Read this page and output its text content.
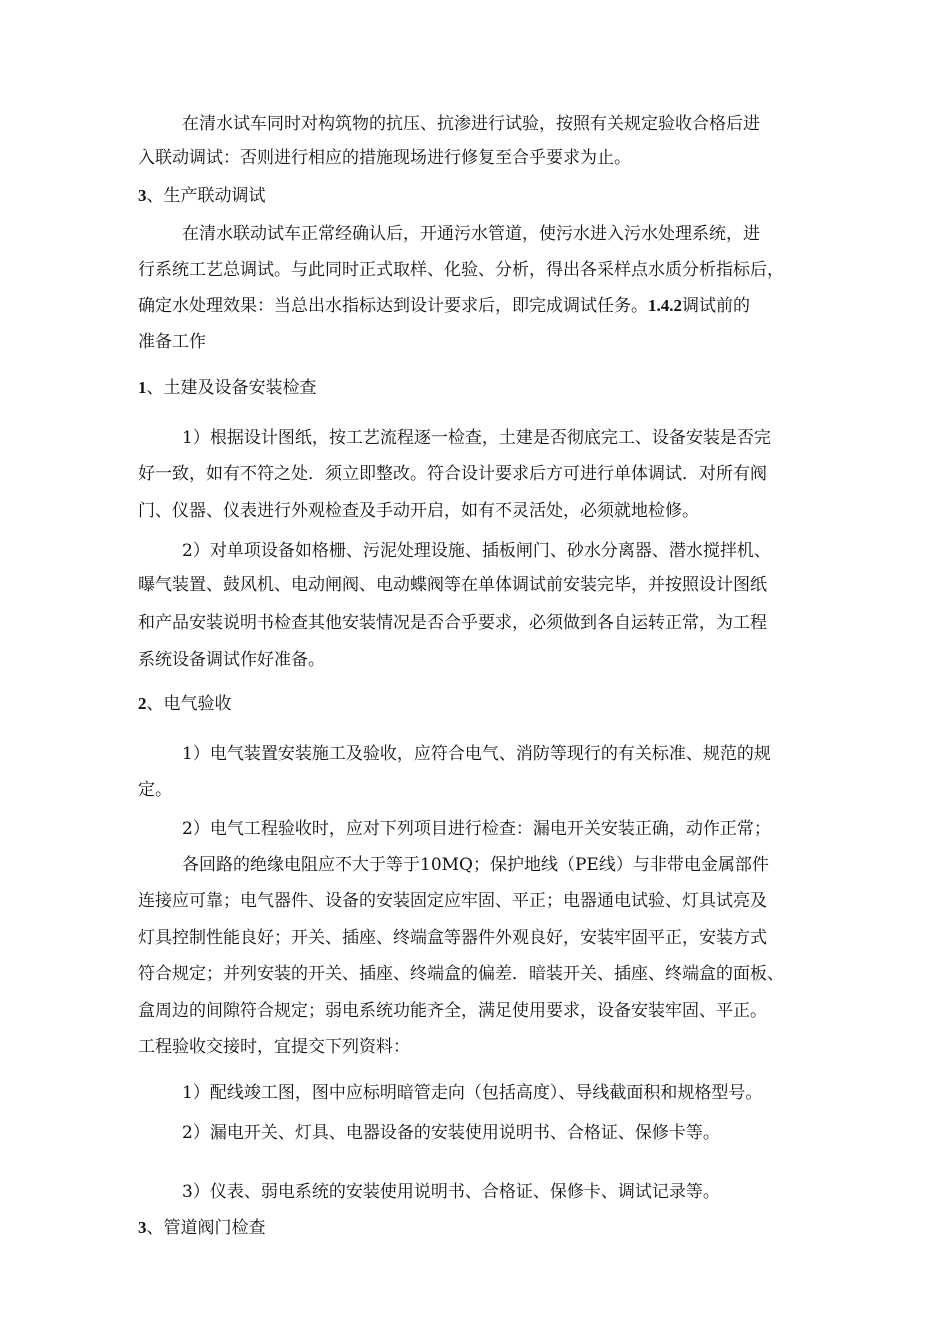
在清水试车同时对构筑物的抗压、抗渗进行试验，按照有关规定验收合格后进

入联动调试：否则进行相应的措施现场进行修复至合乎要求为止。

3、生产联动调试

在清水联动试车正常经确认后，开通污水管道，使污水进入污水处理系统，进

行系统工艺总调试。与此同时正式取样、化验、分析，得出各采样点水质分析指标后，

确定水处理效果：当总出水指标达到设计要求后，即完成调试任务。1.4.2调试前的

准备工作

1、土建及设备安装检查

1）根据设计图纸，按工艺流程逐一检查，土建是否彻底完工、设备安装是否完

好一致，如有不符之处．须立即整改。符合设计要求后方可进行单体调试．对所有阀

门、仪器、仪表进行外观检查及手动开启，如有不灵活处，必须就地检修。

2）对单项设备如格栅、污泥处理设施、插板闸门、砂水分离器、潜水搅拌机、

曝气装置、鼓风机、电动闸阀、电动蝶阀等在单体调试前安装完毕，并按照设计图纸

和产品安装说明书检查其他安装情况是否合乎要求，必须做到各自运转正常，为工程

系统设备调试作好准备。

2、电气验收

1）电气装置安装施工及验收，应符合电气、消防等现行的有关标准、规范的规

定。

2）电气工程验收时，应对下列项目进行检查：漏电开关安装正确，动作正常；

各回路的绝缘电阻应不大于等于10MQ；保护地线（PE线）与非带电金属部件

连接应可靠；电气器件、设备的安装固定应牢固、平正；电器通电试验、灯具试亮及

灯具控制性能良好；开关、插座、终端盒等器件外观良好，安装牢固平正，安装方式

符合规定；并列安装的开关、插座、终端盒的偏差．暗装开关、插座、终端盒的面板、

盒周边的间隙符合规定；弱电系统功能齐全，满足使用要求，设备安装牢固、平正。

工程验收交接时，宜提交下列资料：

1）配线竣工图，图中应标明暗管走向（包括高度）、导线截面积和规格型号。

2）漏电开关、灯具、电器设备的安装使用说明书、合格证、保修卡等。

3）仪表、弱电系统的安装使用说明书、合格证、保修卡、调试记录等。

3、管道阀门检查
